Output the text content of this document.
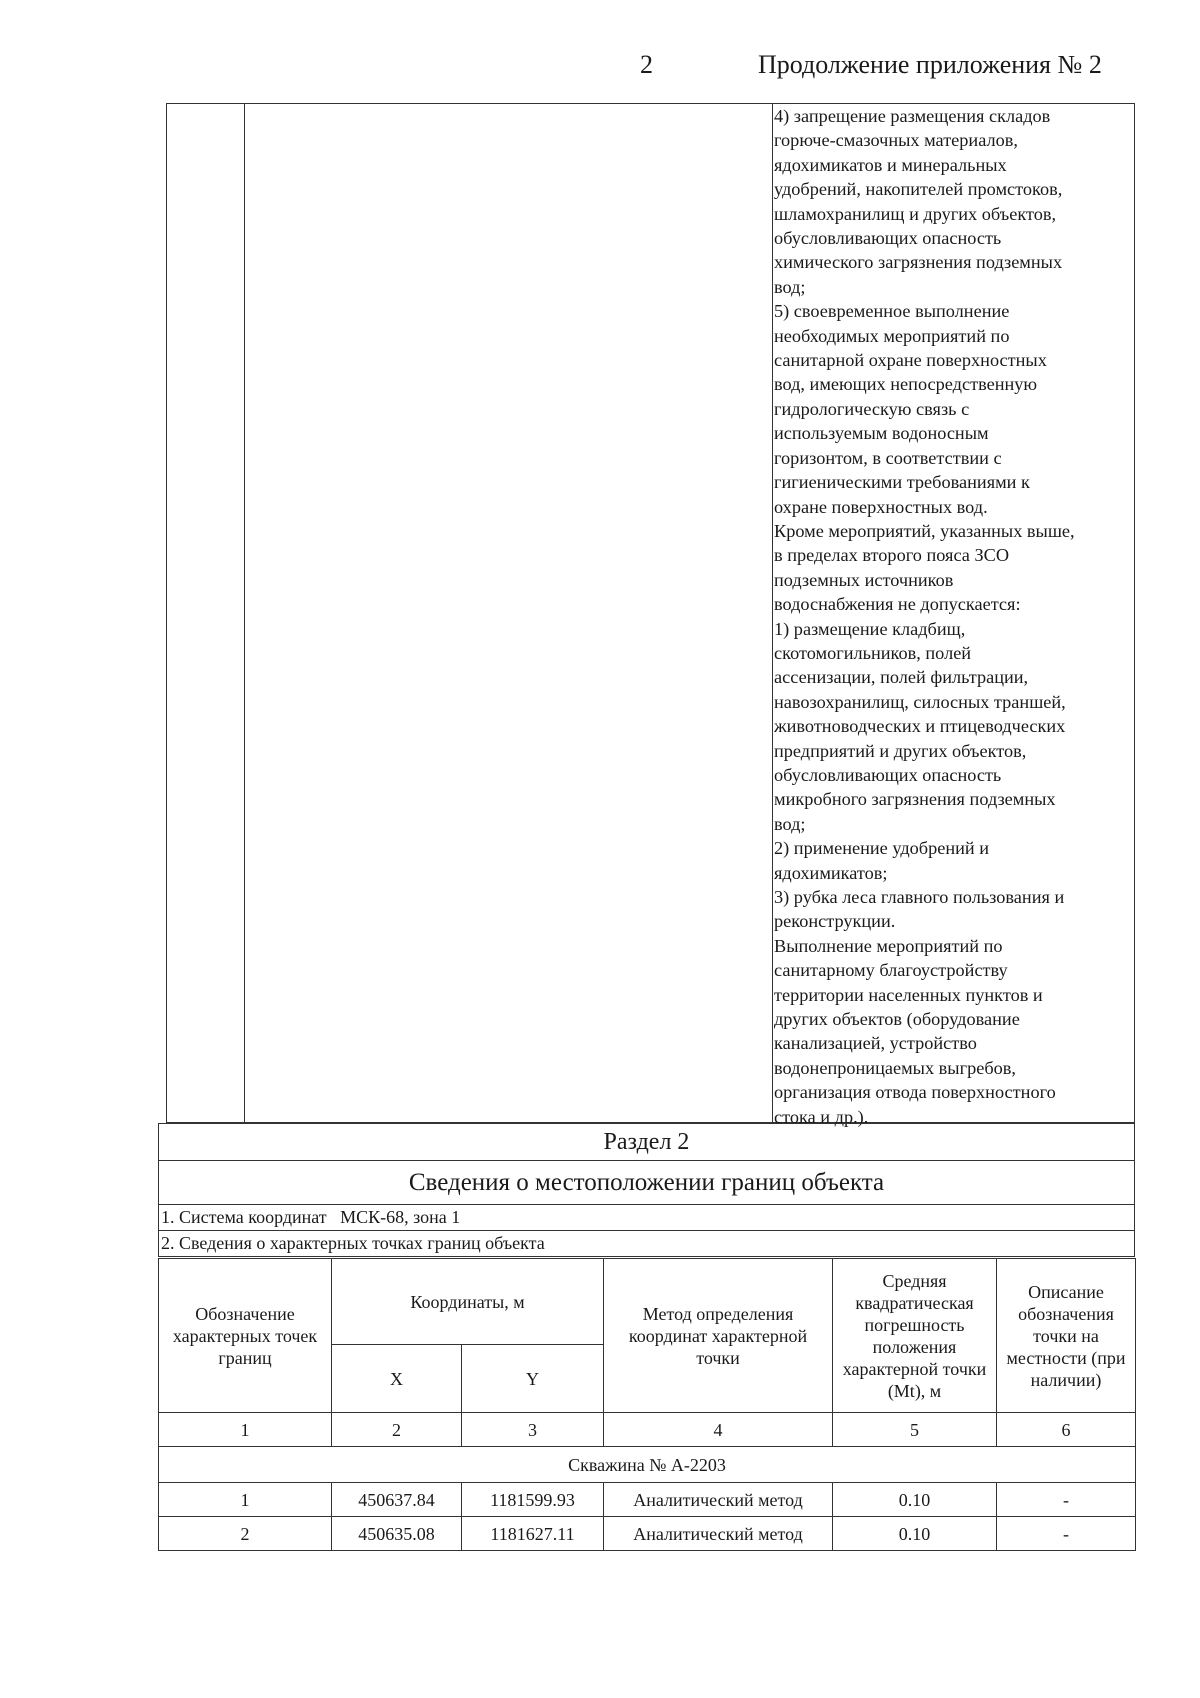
2	Продолжение приложения № 2

4) запрещение размещения складов

горюче-смазочных материалов,

ядохимикатов и минеральных

удобрений, накопителей промстоков,

шламохранилищ и других объектов,

обусловливающих опасность

химического загрязнения подземных

вод;

5) своевременное выполнение

необходимых мероприятий по

санитарной охране поверхностных

вод, имеющих непосредственную

гидрологическую связь с

используемым водоносным

горизонтом, в соответствии с

гигиеническими требованиями к

охране поверхностных вод.

Кроме мероприятий, указанных выше,

в пределах второго пояса ЗСО

подземных источников

водоснабжения не допускается:

1) размещение кладбищ,

скотомогильников, полей

ассенизации, полей фильтрации,

навозохранилищ, силосных траншей,

животноводческих и птицеводческих

предприятий и других объектов,

обусловливающих опасность

микробного загрязнения подземных

вод;

2) применение удобрений и

ядохимикатов;

3) рубка леса главного пользования и

реконструкции.

Выполнение мероприятий по

санитарному благоустройству

территории населенных пунктов и

других объектов (оборудование

канализацией, устройство

водонепроницаемых выгребов,

организация отвода поверхностного

стока и др.).

Раздел 2
Сведения о местоположении границ объекта
1. Система координат МСК-68, зона 1
2. Сведения о характерных точках границ объекта
Обозначение характерных точек границ	Координаты, м		Метод определения координат характерной точки	Средняя квадратическая погрешность положения характерной точки (Mt), м	Описание обозначения точки на местности (при наличии)
	X	Y			
1	2	3	4	5	6
Скважина № А-2203					
1	450637.84	1181599.93	Аналитический метод	0.10	-
2	450635.08	1181627.11	Аналитический метод	0.10	-
